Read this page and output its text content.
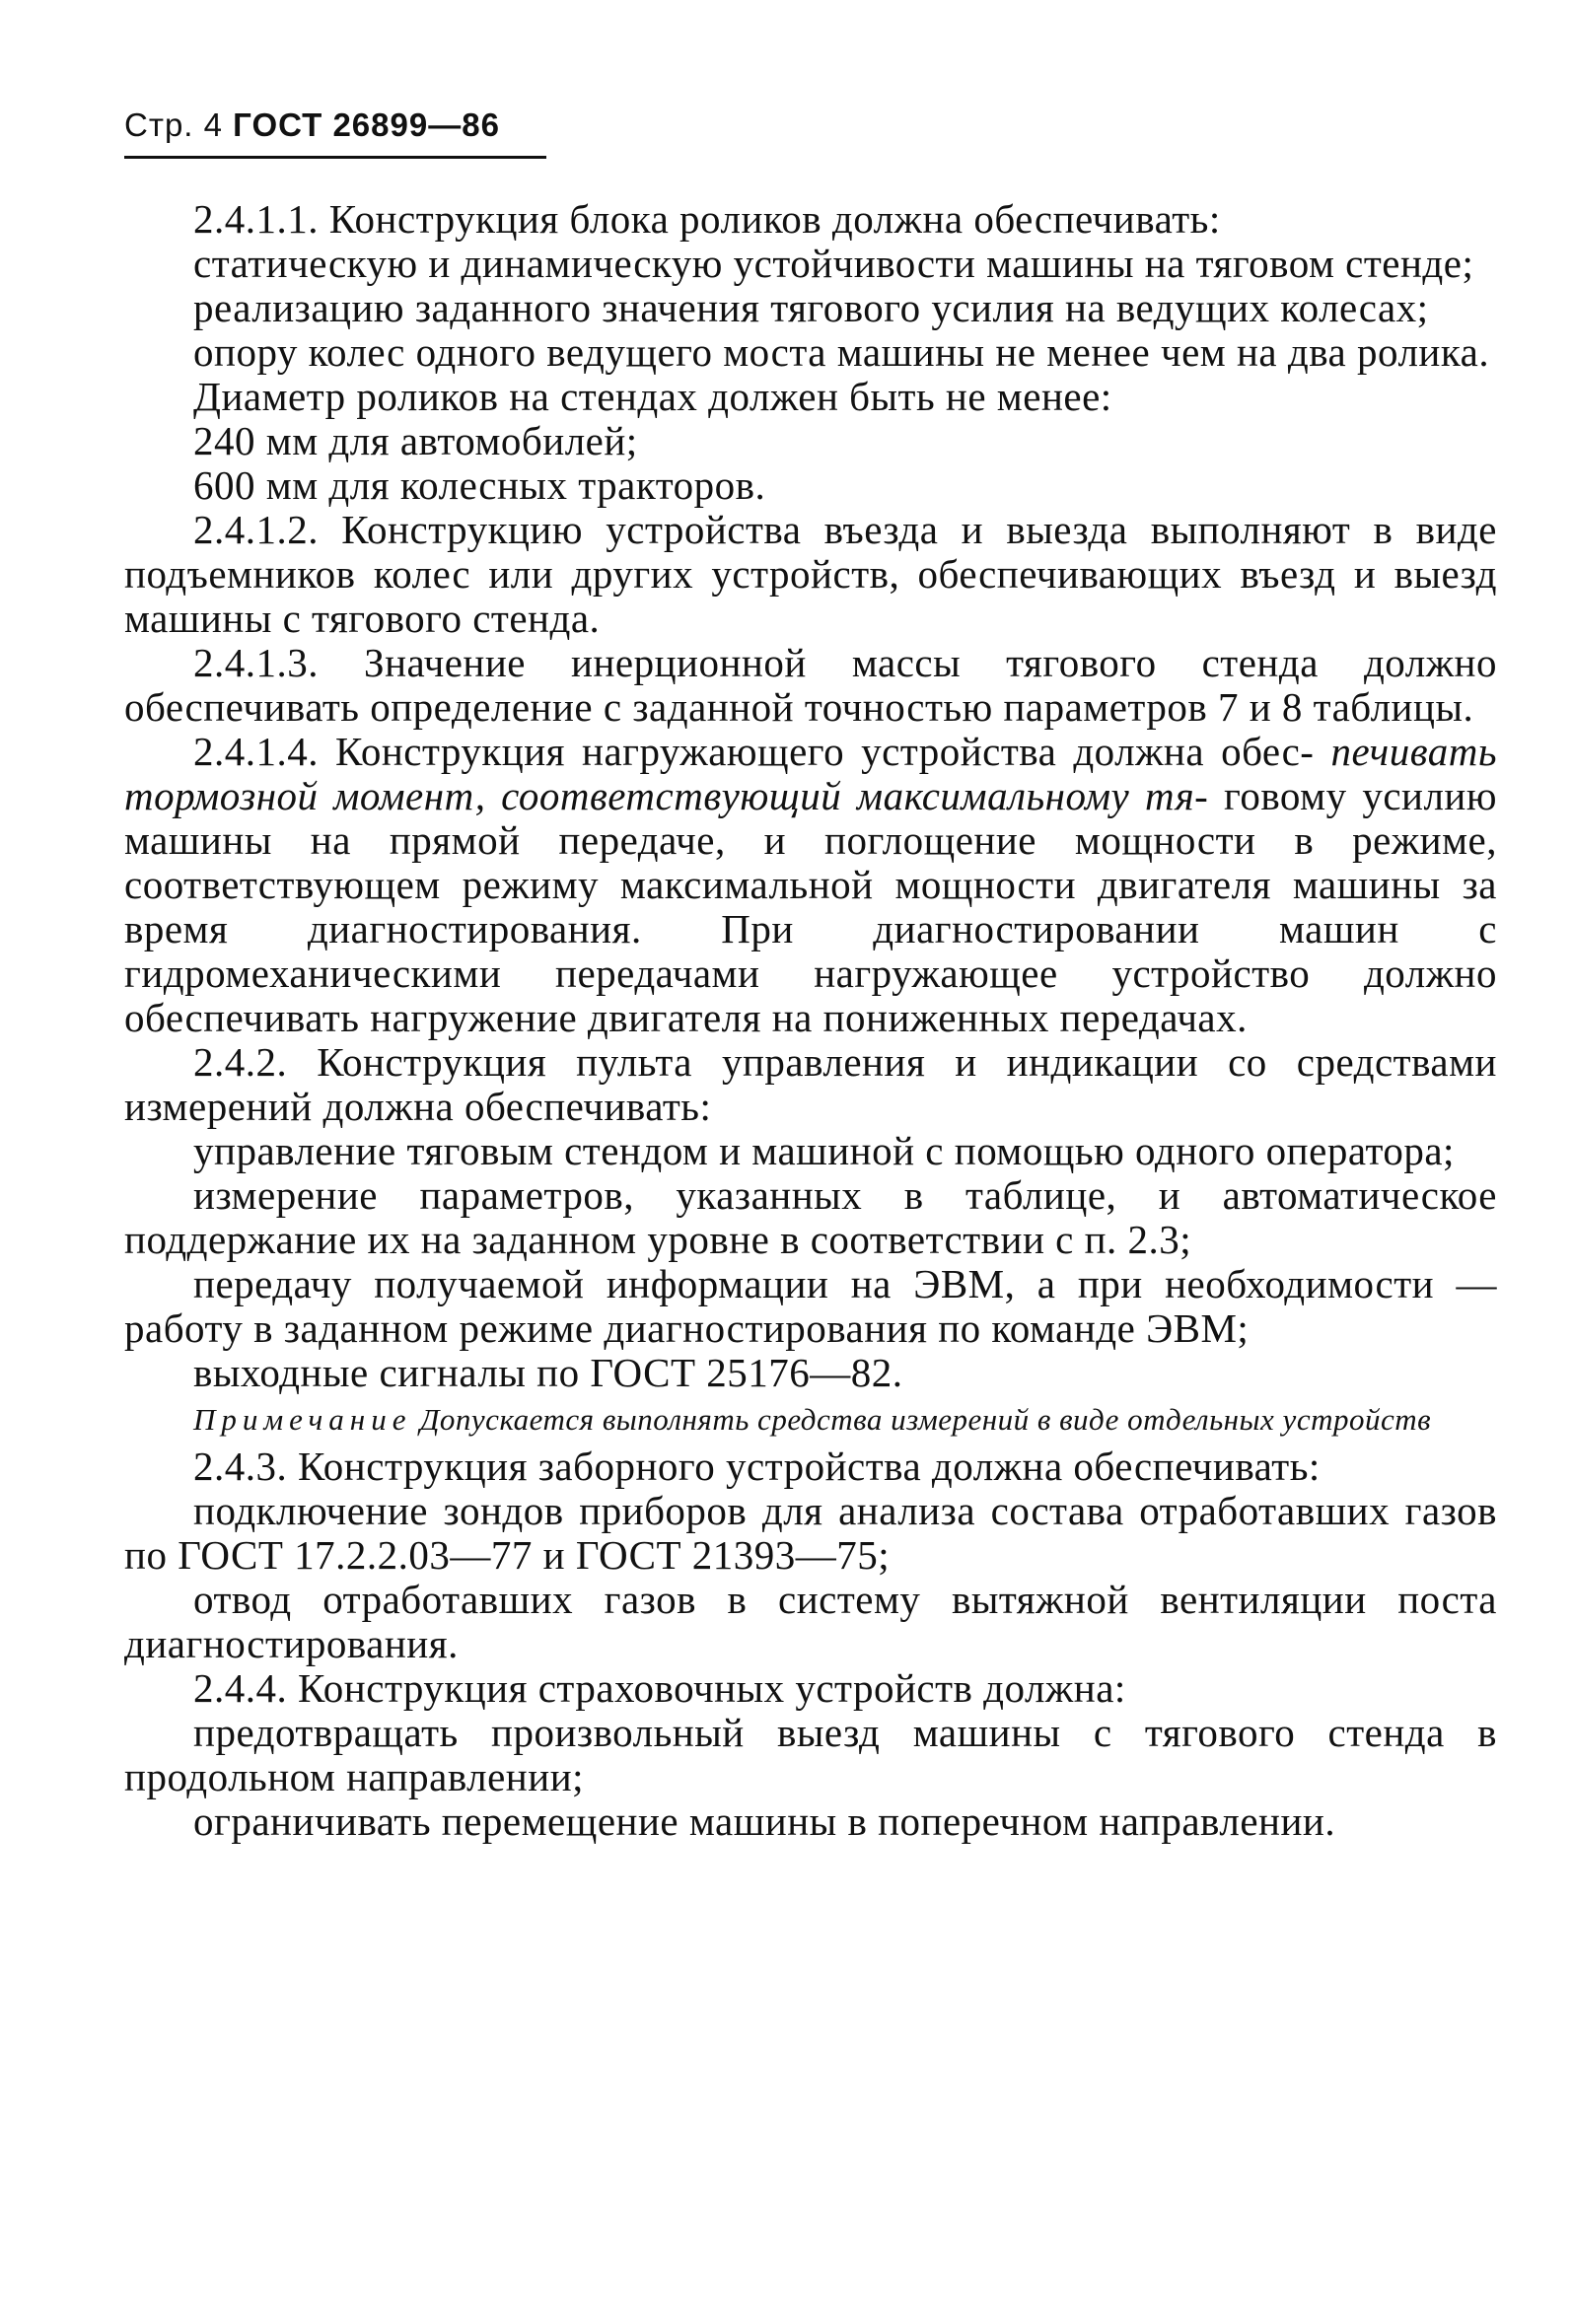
Стр. 4 ГОСТ 26899—86

2.4.1.1. Конструкция блока роликов должна обеспечивать:

статическую и динамическую устойчивости машины на тяговом стенде;

реализацию заданного значения тягового усилия на ведущих колесах;

опору колес одного ведущего моста машины не менее чем на два ролика.

Диаметр роликов на стендах должен быть не менее:

240 мм для автомобилей;

600 мм для колесных тракторов.

2.4.1.2. Конструкцию устройства въезда и выезда выполняют в виде подъемников колес или других устройств, обеспечивающих въезд и выезд машины с тягового стенда.

2.4.1.3. Значение инерционной массы тягового стенда должно обеспечивать определение с заданной точностью параметров 7 и 8 таблицы.

2.4.1.4. Конструкция нагружающего устройства должна обес- печивать тормозной момент, соответствующий максимальному тя- говому усилию машины на прямой передаче, и поглощение мощности в режиме, соответствующем режиму максимальной мощности двигателя машины за время диагностирования. При диагностировании машин с гидромеханическими передачами нагружающее устройство должно обеспечивать нагружение двигателя на пониженных передачах.

2.4.2. Конструкция пульта управления и индикации со средствами измерений должна обеспечивать:

управление тяговым стендом и машиной с помощью одного оператора;

измерение параметров, указанных в таблице, и автоматическое поддержание их на заданном уровне в соответствии с п. 2.3;

передачу получаемой информации на ЭВМ, а при необходимости — работу в заданном режиме диагностирования по команде ЭВМ;

выходные сигналы по ГОСТ 25176—82.

Примечание Допускается выполнять средства измерений в виде отдельных устройств

2.4.3. Конструкция заборного устройства должна обеспечивать:

подключение зондов приборов для анализа состава отработавших газов по ГОСТ 17.2.2.03—77 и ГОСТ 21393—75;

отвод отработавших газов в систему вытяжной вентиляции поста диагностирования.

2.4.4. Конструкция страховочных устройств должна:

предотвращать произвольный выезд машины с тягового стенда в продольном направлении;

ограничивать перемещение машины в поперечном направлении.
